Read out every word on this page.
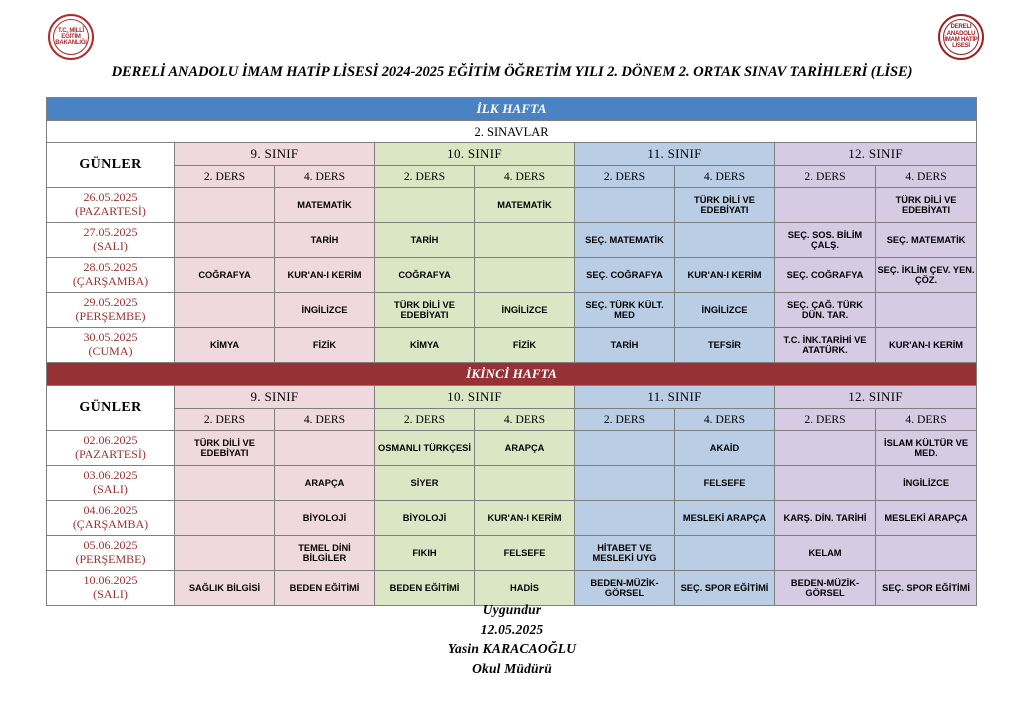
T.C. MİLLÎ EĞİTİM BAKANLIĞI
DERELİ ANADOLU İMAM HATİP LİSESİ
DERELİ ANADOLU İMAM HATİP LİSESİ 2024-2025 EĞİTİM ÖĞRETİM YILI 2. DÖNEM 2. ORTAK SINAV TARİHLERİ (LİSE)
İLK HAFTA								
2. SINAVLAR								
GÜNLER	9. SINIF		10. SINIF		11. SINIF		12. SINIF	
	2. DERS	4. DERS	2. DERS	4. DERS	2. DERS	4. DERS	2. DERS	4. DERS

26.05.2025
(PAZARTESİ)		MATEMATİK		MATEMATİK		TÜRK DİLİ VE EDEBİYATI		TÜRK DİLİ VE EDEBİYATI

27.05.2025
(SALI)		TARİH	TARİH		SEÇ. MATEMATİK		SEÇ. SOS. BİLİM ÇALŞ.	SEÇ. MATEMATİK

28.05.2025
(ÇARŞAMBA)	COĞRAFYA	KUR'AN-I KERİM	COĞRAFYA		SEÇ. COĞRAFYA	KUR'AN-I KERİM	SEÇ. COĞRAFYA	SEÇ. İKLİM ÇEV. YEN. ÇÖZ.

29.05.2025
(PERŞEMBE)		İNGİLİZCE	TÜRK DİLİ VE EDEBİYATI	İNGİLİZCE	SEÇ. TÜRK KÜLT. MED	İNGİLİZCE	SEÇ. ÇAĞ. TÜRK DÜN. TAR.	

30.05.2025
(CUMA)	KİMYA	FİZİK	KİMYA	FİZİK	TARİH	TEFSİR	T.C. İNK.TARİHİ VE ATATÜRK.	KUR'AN-I KERİM
İKİNCİ HAFTA								
GÜNLER	9. SINIF		10. SINIF		11. SINIF		12. SINIF	
	2. DERS	4. DERS	2. DERS	4. DERS	2. DERS	4. DERS	2. DERS	4. DERS

02.06.2025
(PAZARTESİ)	TÜRK DİLİ VE EDEBİYATI		OSMANLI TÜRKÇESİ	ARAPÇA		AKAİD		İSLAM KÜLTÜR VE MED.

03.06.2025
(SALI)		ARAPÇA	SİYER			FELSEFE		İNGİLİZCE

04.06.2025
(ÇARŞAMBA)		BİYOLOJİ	BİYOLOJİ	KUR'AN-I KERİM		MESLEKİ ARAPÇA	KARŞ. DİN. TARİHİ	MESLEKİ ARAPÇA

05.06.2025
(PERŞEMBE)		TEMEL DİNİ BİLGİLER	FIKIH	FELSEFE	HİTABET VE MESLEKİ UYG		KELAM	

10.06.2025
(SALI)	SAĞLIK BİLGİSİ	BEDEN EĞİTİMİ	BEDEN EĞİTİMİ	HADİS	BEDEN-MÜZİK-GÖRSEL	SEÇ. SPOR EĞİTİMİ	BEDEN-MÜZİK-GÖRSEL	SEÇ. SPOR EĞİTİMİ
Uygundur
12.05.2025
Yasin KARACAOĞLU
Okul Müdürü
